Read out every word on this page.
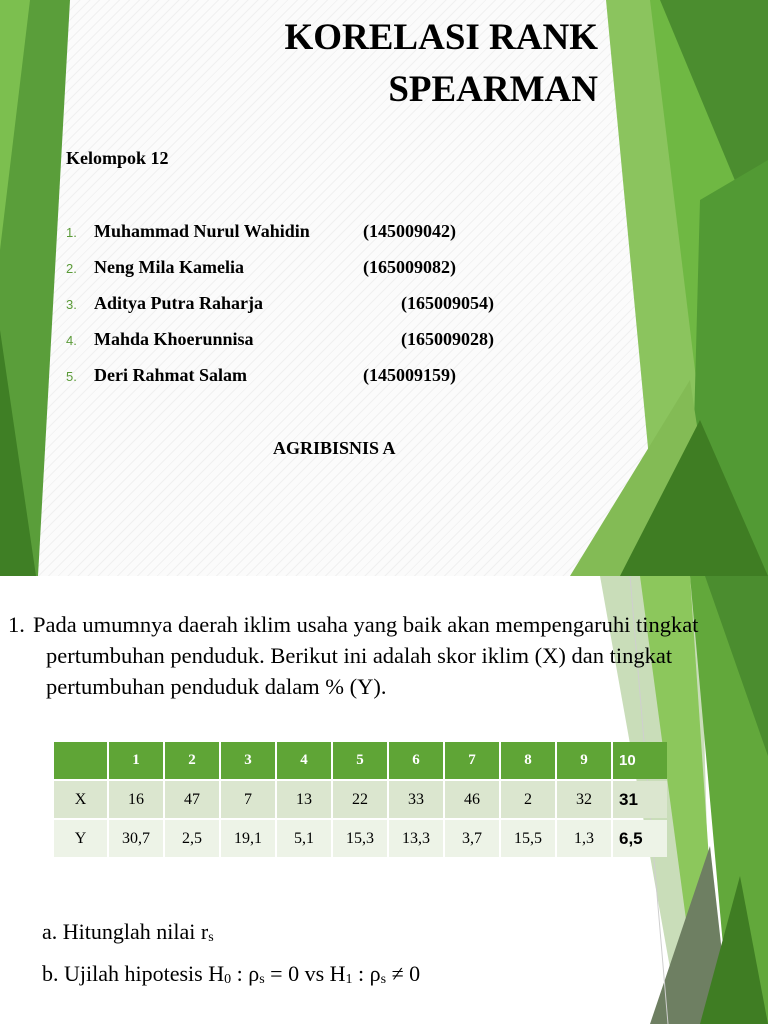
KORELASI RANK
SPEARMAN
Kelompok 12
1. Muhammad Nurul Wahidin	(145009042)
2. Neng Mila Kamelia	(165009082)
3. Aditya Putra Raharja	(165009054)
4. Mahda Khoerunnisa	(165009028)
5. Deri Rahmat Salam	(145009159)
AGRIBISNIS A
1. Pada umumnya daerah iklim usaha yang baik akan mempengaruhi tingkat pertumbuhan penduduk. Berikut ini adalah skor iklim (X) dan tingkat pertumbuhan penduduk dalam % (Y).
	1	2	3	4	5	6	7	8	9	10
X	16	47	7	13	22	33	46	2	32	31
Y	30,7	2,5	19,1	5,1	15,3	13,3	3,7	15,5	1,3	6,5
a. Hitunglah nilai rs
b. Ujilah hipotesis H0 : ρs = 0 vs H1 : ρs ≠ 0
